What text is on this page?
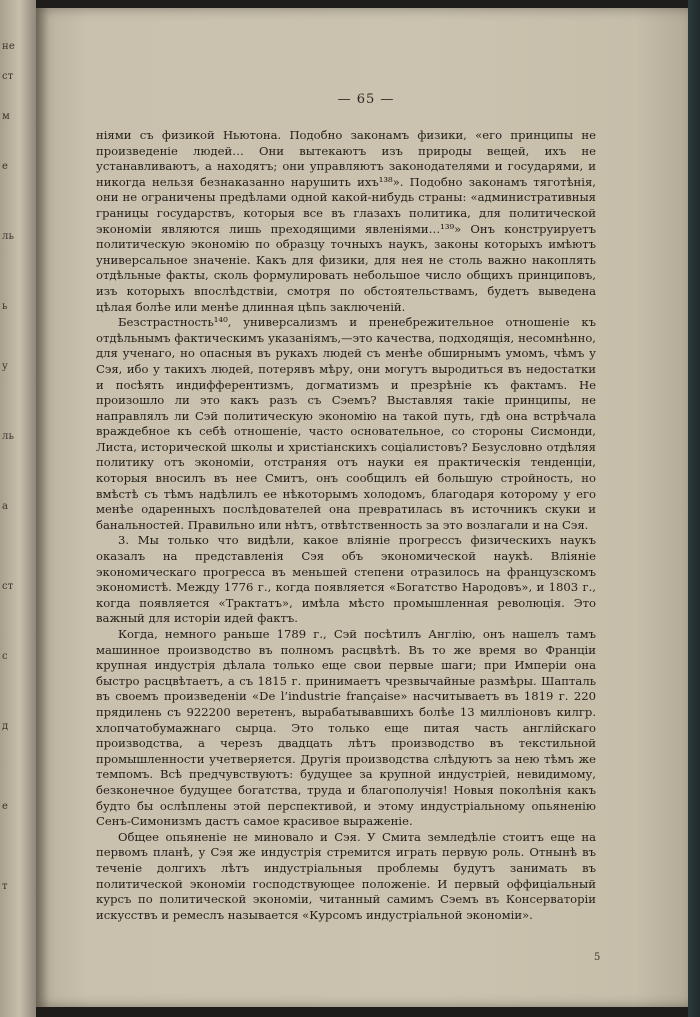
не
ст
м
е
ль
ь
у
ль
а
ст
с
д
е
т
— 65 —

ніями съ физикой Ньютона. Подобно законамъ физики, «его принципы не произведеніе людей… Они вытекаютъ изъ природы вещей, ихъ не устанавливаютъ, а находятъ; они управляютъ законодателями и государями, и никогда нельзя безнаказанно нарушить ихъ¹³⁸». Подобно законамъ тяготѣнія, они не ограничены предѣлами одной какой-нибудь страны: «административныя границы государствъ, которыя все въ глазахъ политика, для политической экономіи являются лишь преходящими явленіями…¹³⁹» Онъ конструируетъ политическую экономію по образцу точныхъ наукъ, законы которыхъ имѣютъ универсальное значеніе. Какъ для физики, для нея не столь важно накоплять отдѣльные факты, сколь формулировать небольшое число общихъ принциповъ, изъ которыхъ впослѣдствіи, смотря по обстоятельствамъ, будетъ выведена цѣлая болѣе или менѣе длинная цѣпь заключеній.

Безстрастность¹⁴⁰, универсализмъ и пренебрежительное отношеніе къ отдѣльнымъ фактическимъ указаніямъ,—это качества, подходящія, несомнѣнно, для ученаго, но опасныя въ рукахъ людей съ менѣе обширнымъ умомъ, чѣмъ у Сэя, ибо у такихъ людей, потерявъ мѣру, они могутъ выродиться въ недостатки и посѣять индифферентизмъ, догматизмъ и презрѣніе къ фактамъ. Не произошло ли это какъ разъ съ Сэемъ? Выставляя такіе принципы, не направлялъ ли Сэй политическую экономію на такой путь, гдѣ она встрѣчала враждебное къ себѣ отношеніе, часто основательное, со стороны Сисмонди, Листа, исторической школы и христіанскихъ соціалистовъ? Безусловно отдѣляя политику отъ экономіи, отстраняя отъ науки ея практическія тенденціи, которыя вносилъ въ нее Смитъ, онъ сообщилъ ей большую стройность, но вмѣстѣ съ тѣмъ надѣлилъ ее нѣкоторымъ холодомъ, благодаря которому у его менѣе одаренныхъ послѣдователей она превратилась въ источникъ скуки и банальностей. Правильно или нѣтъ, отвѣтственность за это возлагали и на Сэя.

3. Мы только что видѣли, какое вліяніе прогрессъ физическихъ наукъ оказалъ на представленія Сэя объ экономической наукѣ. Вліяніе экономическаго прогресса въ меньшей степени отразилось на французскомъ экономистѣ. Между 1776 г., когда появляется «Богатство Народовъ», и 1803 г., когда появляется «Трактатъ», имѣла мѣсто промышленная революція. Это важный для исторіи идей фактъ.

Когда, немного раньше 1789 г., Сэй посѣтилъ Англію, онъ нашелъ тамъ машинное производство въ полномъ расцвѣтѣ. Въ то же время во Франціи крупная индустрія дѣлала только еще свои первые шаги; при Имперіи она быстро расцвѣтаетъ, а съ 1815 г. принимаетъ чрезвычайные размѣры. Шапталь въ своемъ произведеніи «De l’industrie française» насчитываетъ въ 1819 г. 220 прядилень съ 922200 веретенъ, вырабатывавшихъ болѣе 13 милліоновъ килгр. хлопчатобумажнаго сырца. Это только еще питая часть англійскаго производства, а черезъ двадцать лѣтъ производство въ текстильной промышленности учетверяется. Другія производства слѣдуютъ за нею тѣмъ же темпомъ. Всѣ предчувствуютъ: будущее за крупной индустріей, невидимому, безконечное будущее богатства, труда и благополучія! Новыя поколѣнія какъ будто бы ослѣплены этой перспективой, и этому индустріальному опьяненію Сенъ-Симонизмъ дастъ самое красивое выраженіе.

Общее опьяненіе не миновало и Сэя. У Смита земледѣліе стоитъ еще на первомъ планѣ, у Сэя же индустрія стремится играть первую роль. Отнынѣ въ теченіе долгихъ лѣтъ индустріальныя проблемы будутъ занимать въ политической экономіи господствующее положеніе. И первый оффиціальный курсъ по политической экономіи, читанный самимъ Сэемъ въ Консерваторіи искусствъ и ремеслъ называется «Курсомъ индустріальной экономіи».

5
